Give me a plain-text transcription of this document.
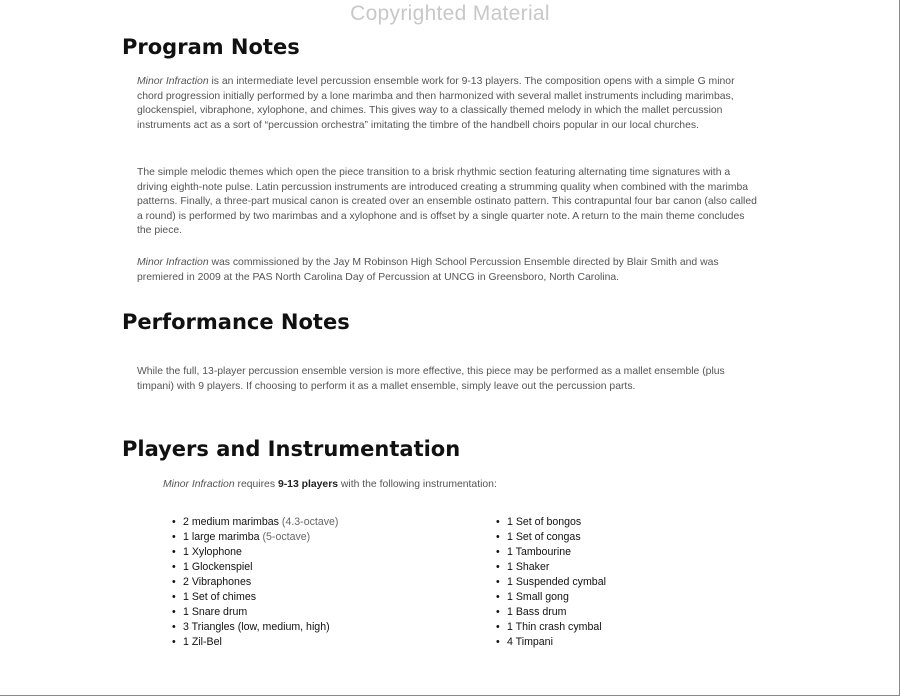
Copyrighted Material
Program Notes

Minor Infraction is an intermediate level percussion ensemble work for 9-13 players. The composition opens with a simple G minor chord progression initially performed by a lone marimba and then harmonized with several mallet instruments including marimbas, glockenspiel, vibraphone, xylophone, and chimes. This gives way to a classically themed melody in which the mallet percussion instruments act as a sort of “percussion orchestra” imitating the timbre of the handbell choirs popular in our local churches.

The simple melodic themes which open the piece transition to a brisk rhythmic section featuring alternating time signatures with a driving eighth-note pulse. Latin percussion instruments are introduced creating a strumming quality when combined with the marimba patterns. Finally, a three-part musical canon is created over an ensemble ostinato pattern. This contrapuntal four bar canon (also called a round) is performed by two marimbas and a xylophone and is offset by a single quarter note. A return to the main theme concludes the piece.

Minor Infraction was commissioned by the Jay M Robinson High School Percussion Ensemble directed by Blair Smith and was premiered in 2009 at the PAS North Carolina Day of Percussion at UNCG in Greensboro, North Carolina.

Performance Notes

While the full, 13-player percussion ensemble version is more effective, this piece may be performed as a mallet ensemble (plus timpani) with 9 players. If choosing to perform it as a mallet ensemble, simply leave out the percussion parts.

Players and Instrumentation

Minor Infraction requires 9-13 players with the following instrumentation:

• 2 medium marimbas (4.3-octave)
• 1 large marimba (5-octave)
• 1 Xylophone
• 1 Glockenspiel
• 2 Vibraphones
• 1 Set of chimes
• 1 Snare drum
• 3 Triangles (low, medium, high)
• 1 Zil-Bel
• 1 Set of bongos
• 1 Set of congas
• 1 Tambourine
• 1 Shaker
• 1 Suspended cymbal
• 1 Small gong
• 1 Bass drum
• 1 Thin crash cymbal
• 4 Timpani
